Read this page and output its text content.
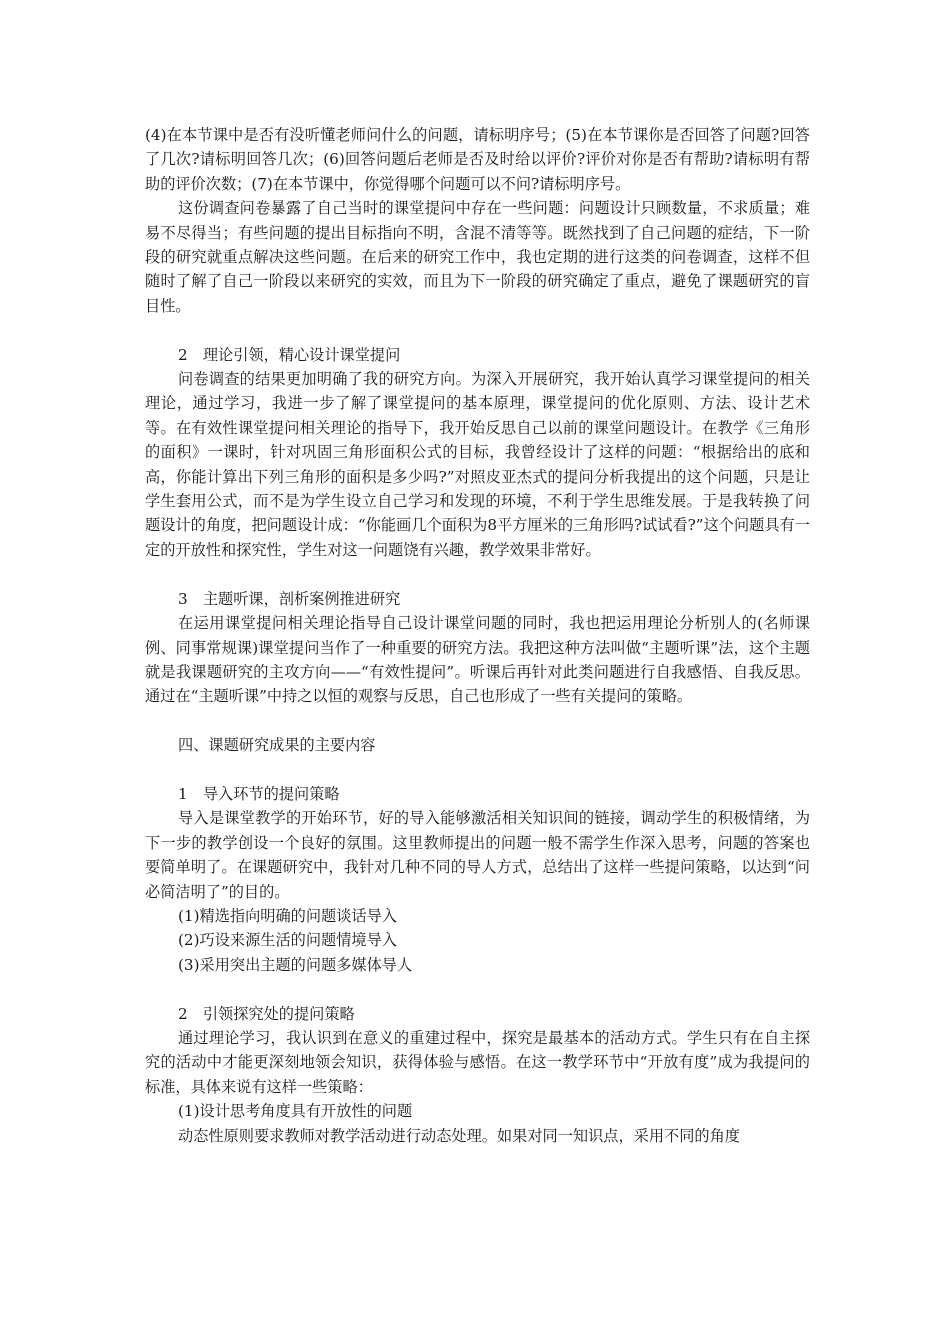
(4)在本节课中是否有没听懂老师问什么的问题，请标明序号；(5)在本节课你是否回答了问题?回答了几次?请标明回答几次；(6)回答问题后老师是否及时给以评价?评价对你是否有帮助?请标明有帮助的评价次数；(7)在本节课中，你觉得哪个问题可以不问?请标明序号。

这份调查问卷暴露了自己当时的课堂提问中存在一些问题：问题设计只顾数量，不求质量；难易不尽得当；有些问题的提出目标指向不明，含混不清等等。既然找到了自己问题的症结，下一阶段的研究就重点解决这些问题。在后来的研究工作中，我也定期的进行这类的问卷调查，这样不但随时了解了自己一阶段以来研究的实效，而且为下一阶段的研究确定了重点，避免了课题研究的盲目性。

2　理论引领，精心设计课堂提问

问卷调查的结果更加明确了我的研究方向。为深入开展研究，我开始认真学习课堂提问的相关理论，通过学习，我进一步了解了课堂提问的基本原理，课堂提问的优化原则、方法、设计艺术等。在有效性课堂提问相关理论的指导下，我开始反思自己以前的课堂问题设计。在教学《三角形的面积》一课时，针对巩固三角形面积公式的目标，我曾经设计了这样的问题：“根据给出的底和高，你能计算出下列三角形的面积是多少吗?”对照皮亚杰式的提问分析我提出的这个问题，只是让学生套用公式，而不是为学生设立自己学习和发现的环境，不利于学生思维发展。于是我转换了问题设计的角度，把问题设计成：“你能画几个面积为8平方厘米的三角形吗?试试看?”这个问题具有一定的开放性和探究性，学生对这一问题饶有兴趣，教学效果非常好。

3　主题听课，剖析案例推进研究

在运用课堂提问相关理论指导自己设计课堂问题的同时，我也把运用理论分析别人的(名师课例、同事常规课)课堂提问当作了一种重要的研究方法。我把这种方法叫做“主题听课”法，这个主题就是我课题研究的主攻方向——“有效性提问”。听课后再针对此类问题进行自我感悟、自我反思。通过在“主题听课”中持之以恒的观察与反思，自己也形成了一些有关提问的策略。

四、课题研究成果的主要内容

1　导入环节的提问策略

导入是课堂教学的开始环节，好的导入能够激活相关知识间的链接，调动学生的积极情绪，为下一步的教学创设一个良好的氛围。这里教师提出的问题一般不需学生作深入思考，问题的答案也要简单明了。在课题研究中，我针对几种不同的导人方式，总结出了这样一些提问策略，以达到“问必简洁明了”的目的。

(1)精选指向明确的问题谈话导入

(2)巧设来源生活的问题情境导入

(3)采用突出主题的问题多媒体导人

2　引领探究处的提问策略

通过理论学习，我认识到在意义的重建过程中，探究是最基本的活动方式。学生只有在自主探究的活动中才能更深刻地领会知识，获得体验与感悟。在这一教学环节中“开放有度”成为我提问的标准，具体来说有这样一些策略：

(1)设计思考角度具有开放性的问题

动态性原则要求教师对教学活动进行动态处理。如果对同一知识点，采用不同的角度
